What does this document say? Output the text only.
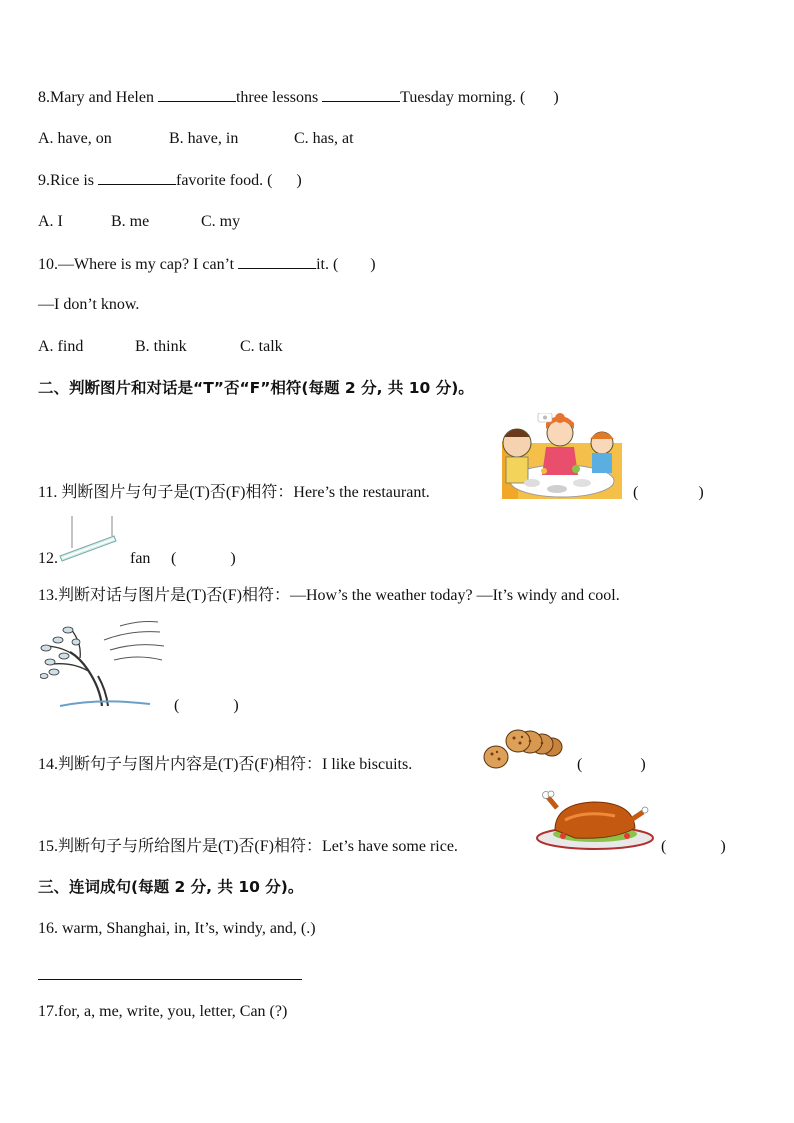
8.Mary and Helen	three lessons	Tuesday morning. ( )
A. have, on	B. have, in	C. has, at
9.Rice is	favorite food. ( )
A. I	B. me	C. my
10.—Where is my cap? I can’t	it. ( )
—I don’t know.
A. find	B. think	C. talk
二、判断图片和对话是“T”否“F”相符(每题 2 分, 共 10 分)。
11. 判断图片与句子是(T)否(F)相符：Here’s the restaurant.	(	)
12.	fan (	)
13.判断对话与图片是(T)否(F)相符：—How’s the weather today? —It’s windy and cool.
(	)
14.判断句子与图片内容是(T)否(F)相符：I like biscuits.	(	)
15.判断句子与所给图片是(T)否(F)相符：Let’s have some rice.	(	)
三、连词成句(每题 2 分, 共 10 分)。
16. warm, Shanghai, in, It’s, windy, and, (.)
17.for, a, me, write, you, letter, Can (?)
